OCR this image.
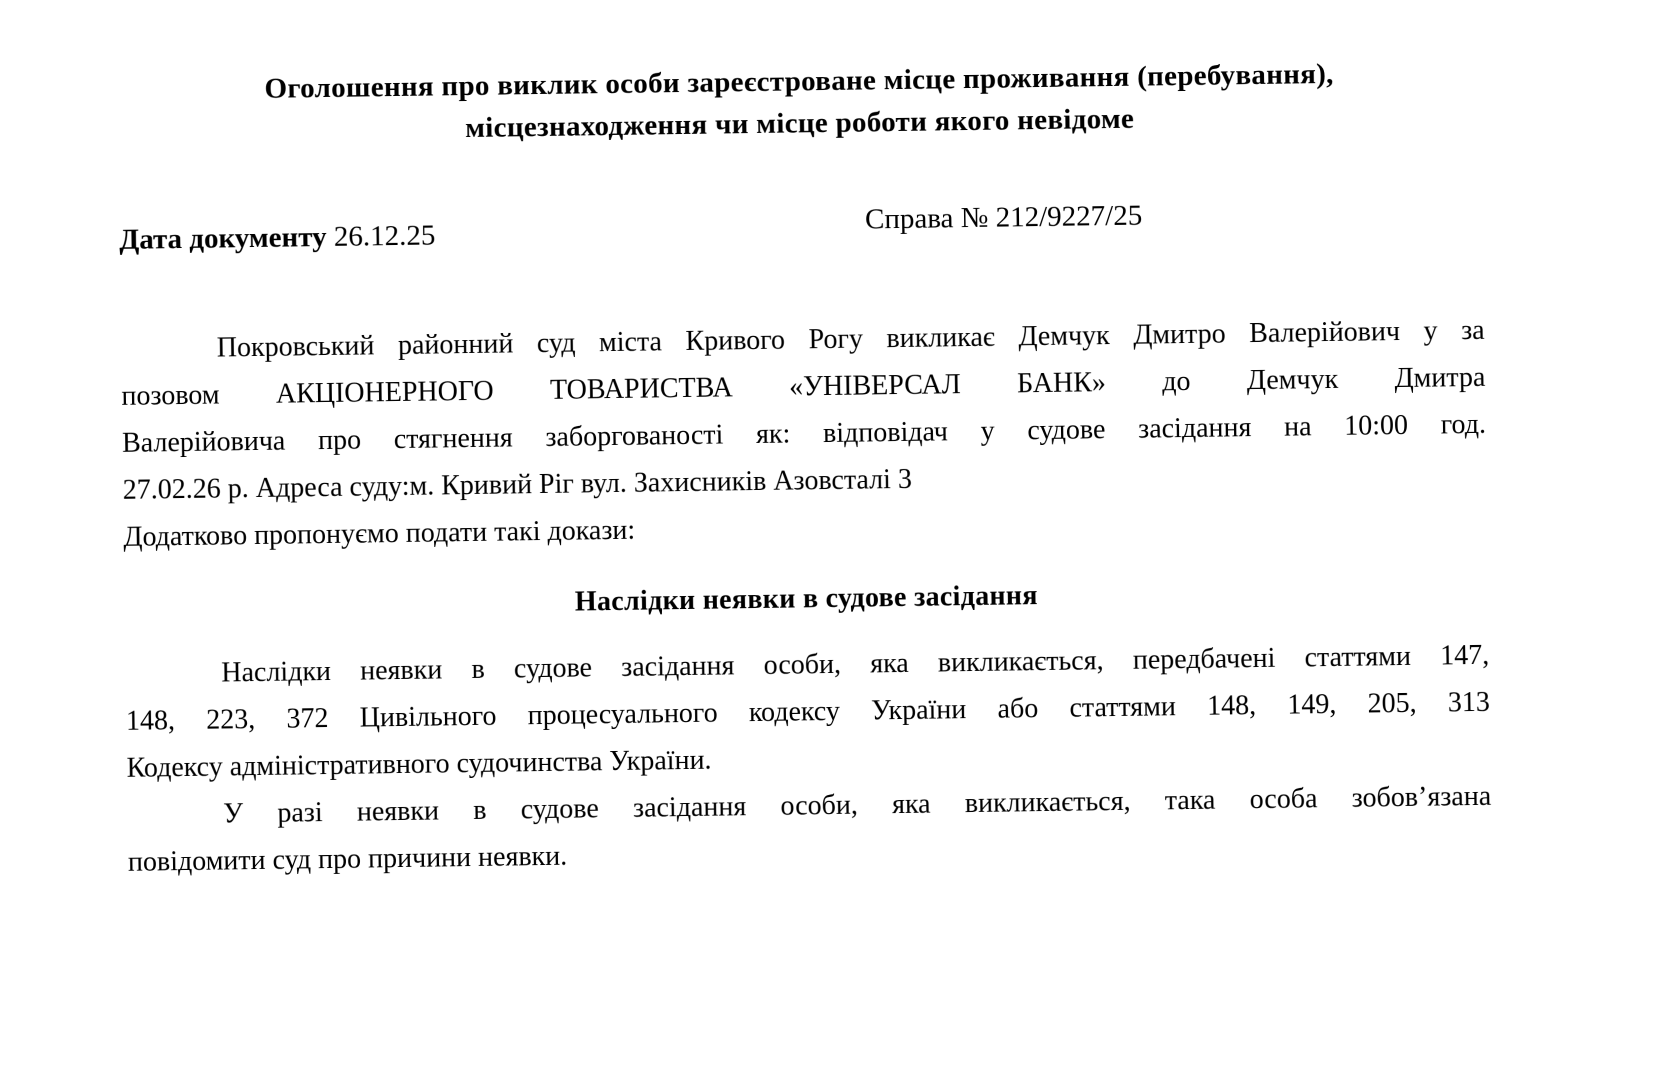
Оголошення про виклик особи зареєстроване місце проживання (перебування),
місцезнаходження чи місце роботи якого невідоме
Дата документу 26.12.25
Справа № 212/9227/25
Покровський районний суд міста Кривого Рогу викликає Демчук Дмитро Валерійович у за
позовом АКЦІОНЕРНОГО ТОВАРИСТВА «УНІВЕРСАЛ БАНК» до Демчук Дмитра
Валерійовича про стягнення заборгованості як: відповідач у судове засідання на 10:00 год.
27.02.26 р. Адреса суду:м. Кривий Ріг вул. Захисників Азовсталі 3
Додатково пропонуємо подати такі докази:
Наслідки неявки в судове засідання
Наслідки неявки в судове засідання особи, яка викликається, передбачені статтями 147,
148, 223, 372 Цивільного процесуального кодексу України або статтями 148, 149, 205, 313
Кодексу адміністративного судочинства України.
У разі неявки в судове засідання особи, яка викликається, така особа зобов’язана
повідомити суд про причини неявки.
